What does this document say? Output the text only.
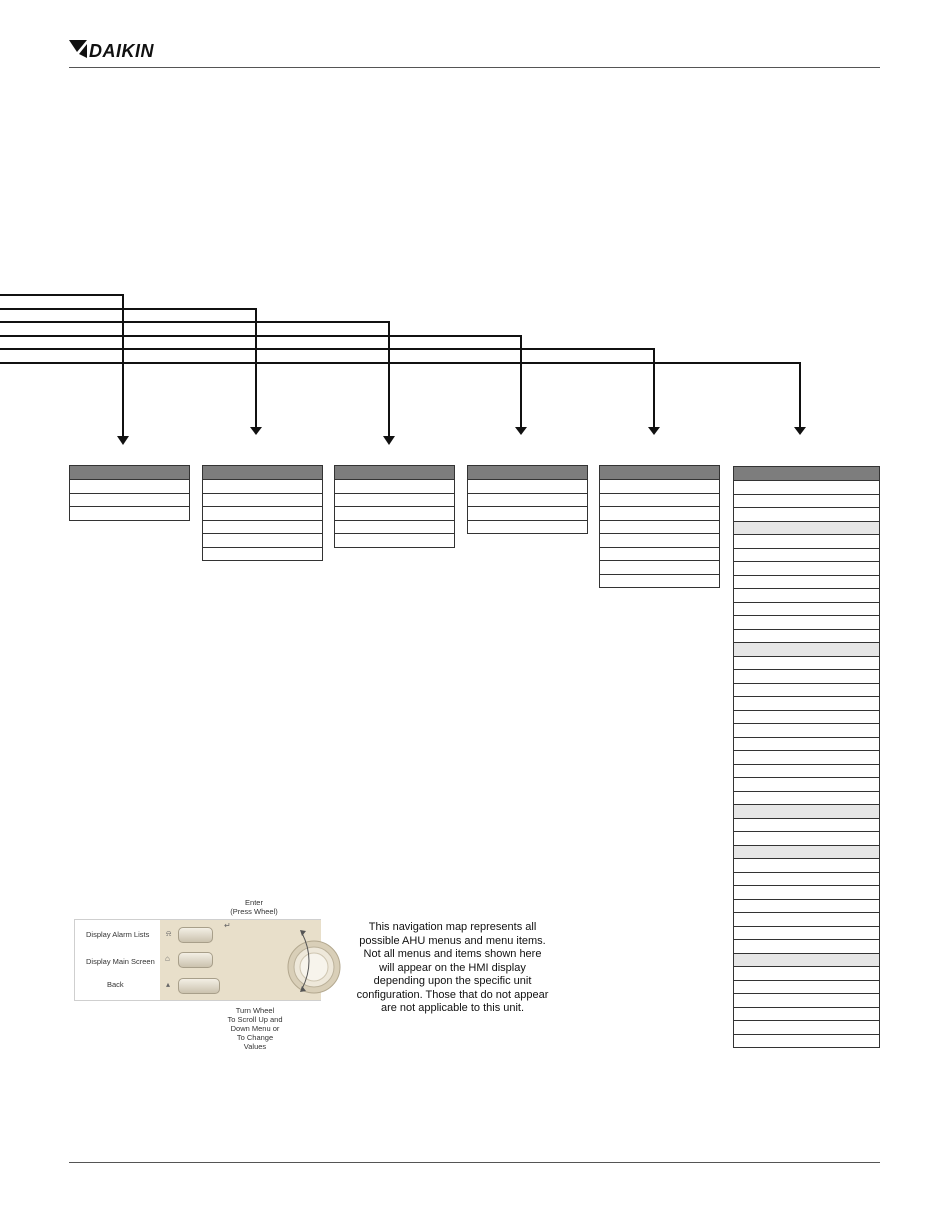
DAIKIN
Enter
(Press Wheel)
Display Alarm Lists
Display Main Screen
Back
⍾
⌂
▴
↵
Turn Wheel
To Scroll Up and
Down Menu or
To Change
Values
This navigation map represents all possible AHU menus and menu items. Not all menus and items shown here will appear on the HMI display depending upon the specific unit configuration. Those that do not appear are not applicable to this unit.
